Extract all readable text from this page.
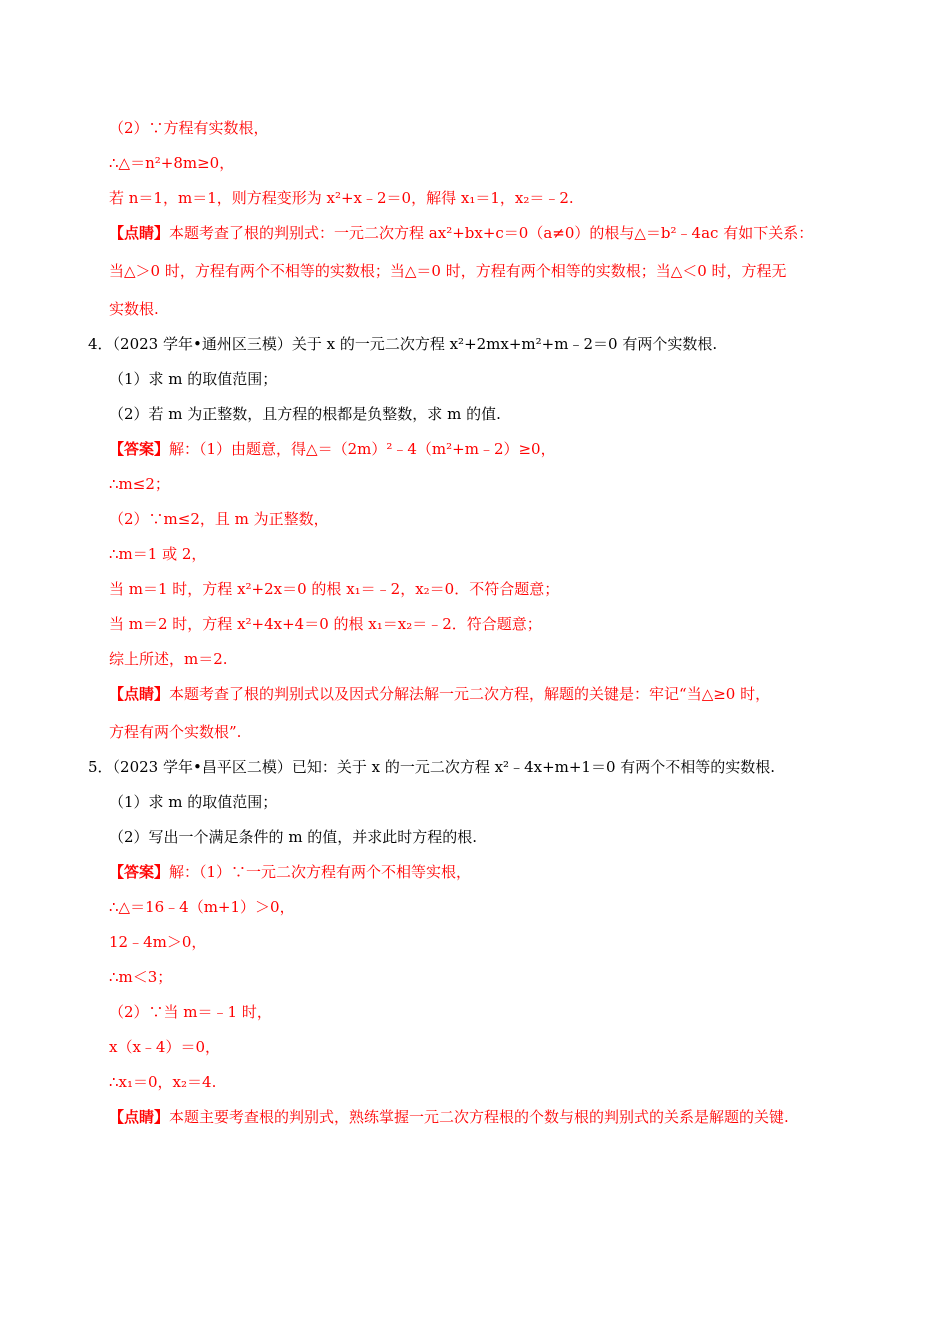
（2）∵方程有实数根，
∴△＝n²+8m≥0，
若 n＝1，m＝1，则方程变形为 x²+x﹣2＝0，解得 x₁＝1，x₂＝﹣2.
【点睛】本题考查了根的判别式：一元二次方程 ax²+bx+c＝0（a≠0）的根与△＝b²﹣4ac 有如下关系：
当△＞0 时，方程有两个不相等的实数根；当△＝0 时，方程有两个相等的实数根；当△＜0 时，方程无
实数根.
4．（2023 学年•通州区三模）关于 x 的一元二次方程 x²+2mx+m²+m﹣2＝0 有两个实数根.
（1）求 m 的取值范围；
（2）若 m 为正整数，且方程的根都是负整数，求 m 的值.
【答案】解：（1）由题意，得△＝（2m）²﹣4（m²+m﹣2）≥0，
∴m≤2；
（2）∵m≤2，且 m 为正整数，
∴m＝1 或 2，
当 m＝1 时，方程 x²+2x＝0 的根 x₁＝﹣2，x₂＝0．不符合题意；
当 m＝2 时，方程 x²+4x+4＝0 的根 x₁＝x₂＝﹣2．符合题意；
综上所述，m＝2.
【点睛】本题考查了根的判别式以及因式分解法解一元二次方程，解题的关键是：牢记“当△≥0 时，
方程有两个实数根”.
5．（2023 学年•昌平区二模）已知：关于 x 的一元二次方程 x²﹣4x+m+1＝0 有两个不相等的实数根.
（1）求 m 的取值范围；
（2）写出一个满足条件的 m 的值，并求此时方程的根.
【答案】解：（1）∵一元二次方程有两个不相等实根，
∴△＝16﹣4（m+1）＞0，
12﹣4m＞0，
∴m＜3；
（2）∵当 m＝﹣1 时，
x（x﹣4）＝0，
∴x₁＝0，x₂＝4.
【点睛】本题主要考查根的判别式，熟练掌握一元二次方程根的个数与根的判别式的关系是解题的关键.
